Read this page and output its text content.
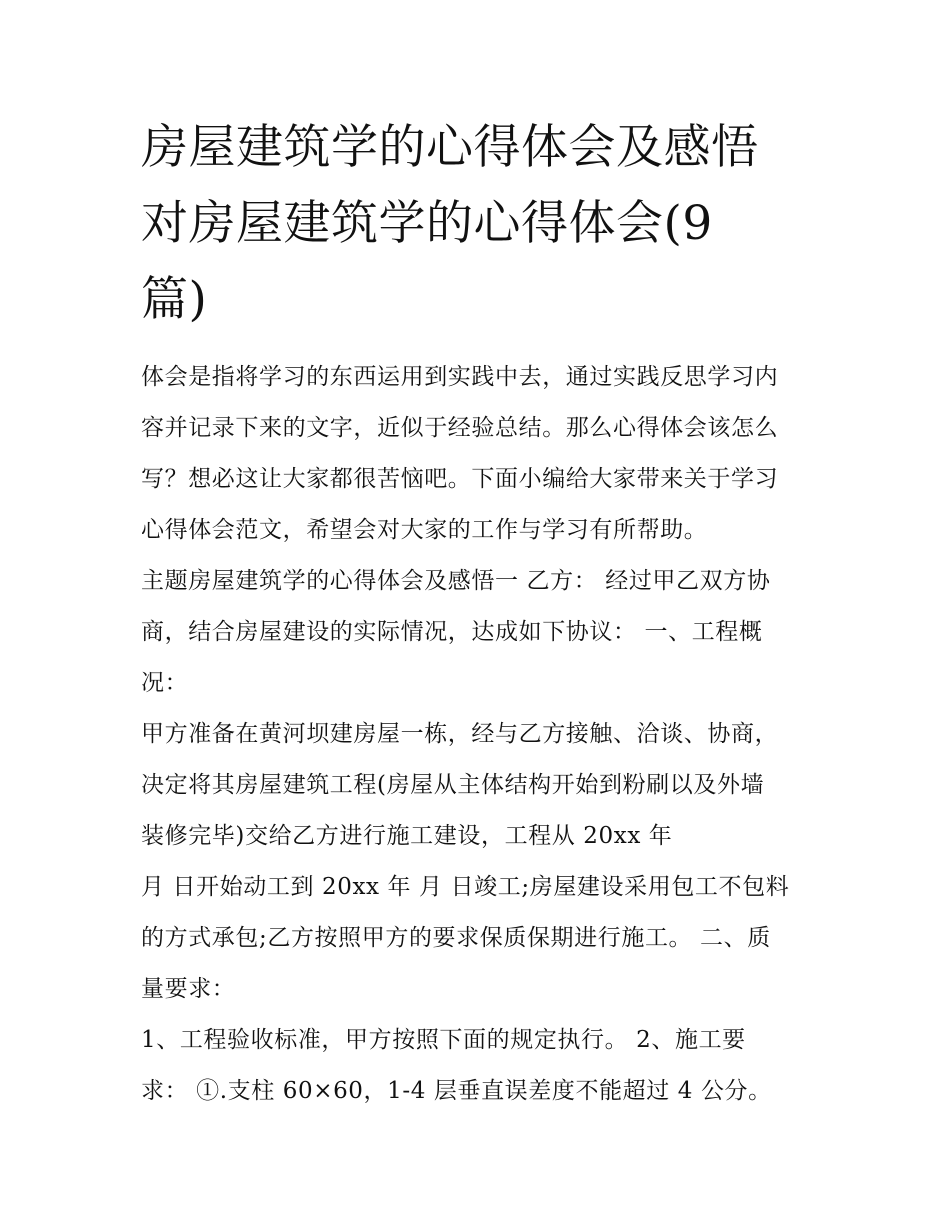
房屋建筑学的心得体会及感悟
对房屋建筑学的心得体会(9
篇)

体会是指将学习的东西运用到实践中去，通过实践反思学习内
容并记录下来的文字，近似于经验总结。那么心得体会该怎么
写？想必这让大家都很苦恼吧。下面小编给大家带来关于学习
心得体会范文，希望会对大家的工作与学习有所帮助。

主题房屋建筑学的心得体会及感悟一 乙方： 经过甲乙双方协
商，结合房屋建设的实际情况，达成如下协议： 一、工程概
况：

甲方准备在黄河坝建房屋一栋，经与乙方接触、洽谈、协商，
决定将其房屋建筑工程(房屋从主体结构开始到粉刷以及外墙
装修完毕)交给乙方进行施工建设，工程从 20xx 年
月 日开始动工到 20xx 年 月 日竣工;房屋建设采用包工不包料
的方式承包;乙方按照甲方的要求保质保期进行施工。 二、质
量要求：

1、工程验收标准，甲方按照下面的规定执行。 2、施工要
求： ①.支柱 60×60，1-4 层垂直误差度不能超过 4 公分。
